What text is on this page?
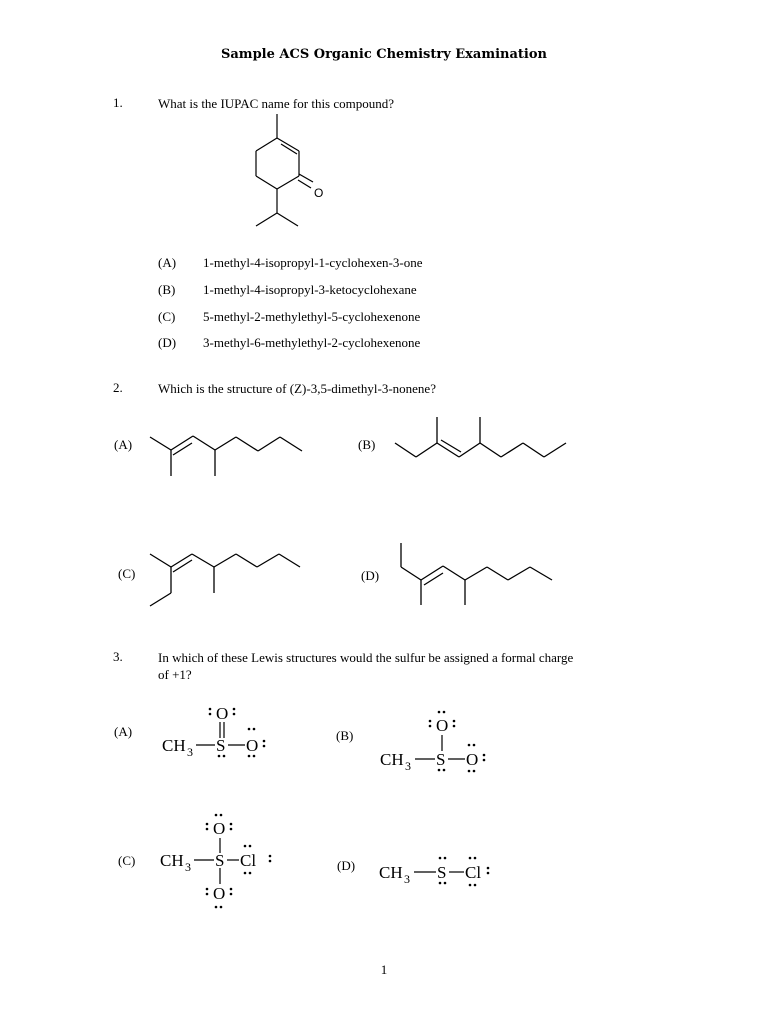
Sample ACS Organic Chemistry Examination
1.	What is the IUPAC name for this compound?
O
(A) 1-methyl-4-isopropyl-1-cyclohexen-3-one
(B) 1-methyl-4-isopropyl-3-ketocyclohexane
(C) 5-methyl-2-methylethyl-5-cyclohexenone
(D) 3-methyl-6-methylethyl-2-cyclohexenone
2.	Which is the structure of (Z)-3,5-dimethyl-3-nonene?
(A)	(B)
(C)	(D)
3.	In which of these Lewis structures would the sulfur be assigned a formal charge
of +1?
(A)	(B)
(C)	(D)
CH 3 S O
O
CH 3 S O
O
CH 3 S Cl
O
O
CH 3 S Cl
1
